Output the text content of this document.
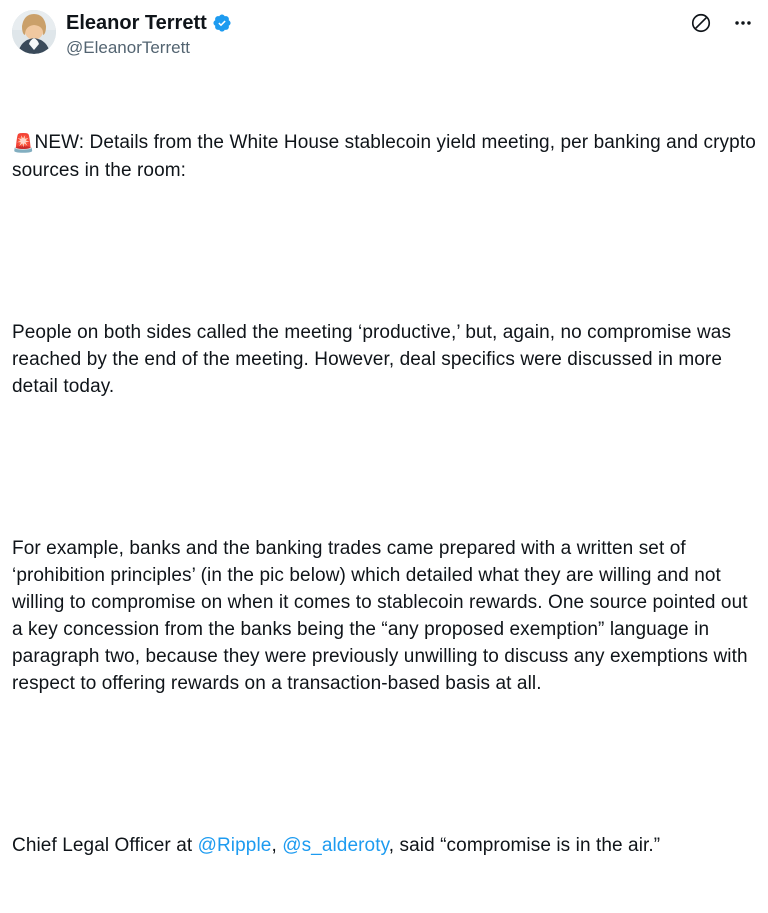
Eleanor Terrett
@EleanorTerrett

🚨NEW: Details from the White House stablecoin yield meeting, per banking and crypto sources in the room:

People on both sides called the meeting ‘productive,’ but, again, no compromise was reached by the end of the meeting. However, deal specifics were discussed in more detail today.

For example, banks and the banking trades came prepared with a written set of ‘prohibition principles’ (in the pic below) which detailed what they are willing and not willing to compromise on when it comes to stablecoin rewards. One source pointed out a key concession from the banks being the “any proposed exemption” language in paragraph two, because they were previously unwilling to discuss any exemptions with respect to offering rewards on a transaction-based basis at all.

Chief Legal Officer at @Ripple, @s_alderoty, said “compromise is in the air.”
